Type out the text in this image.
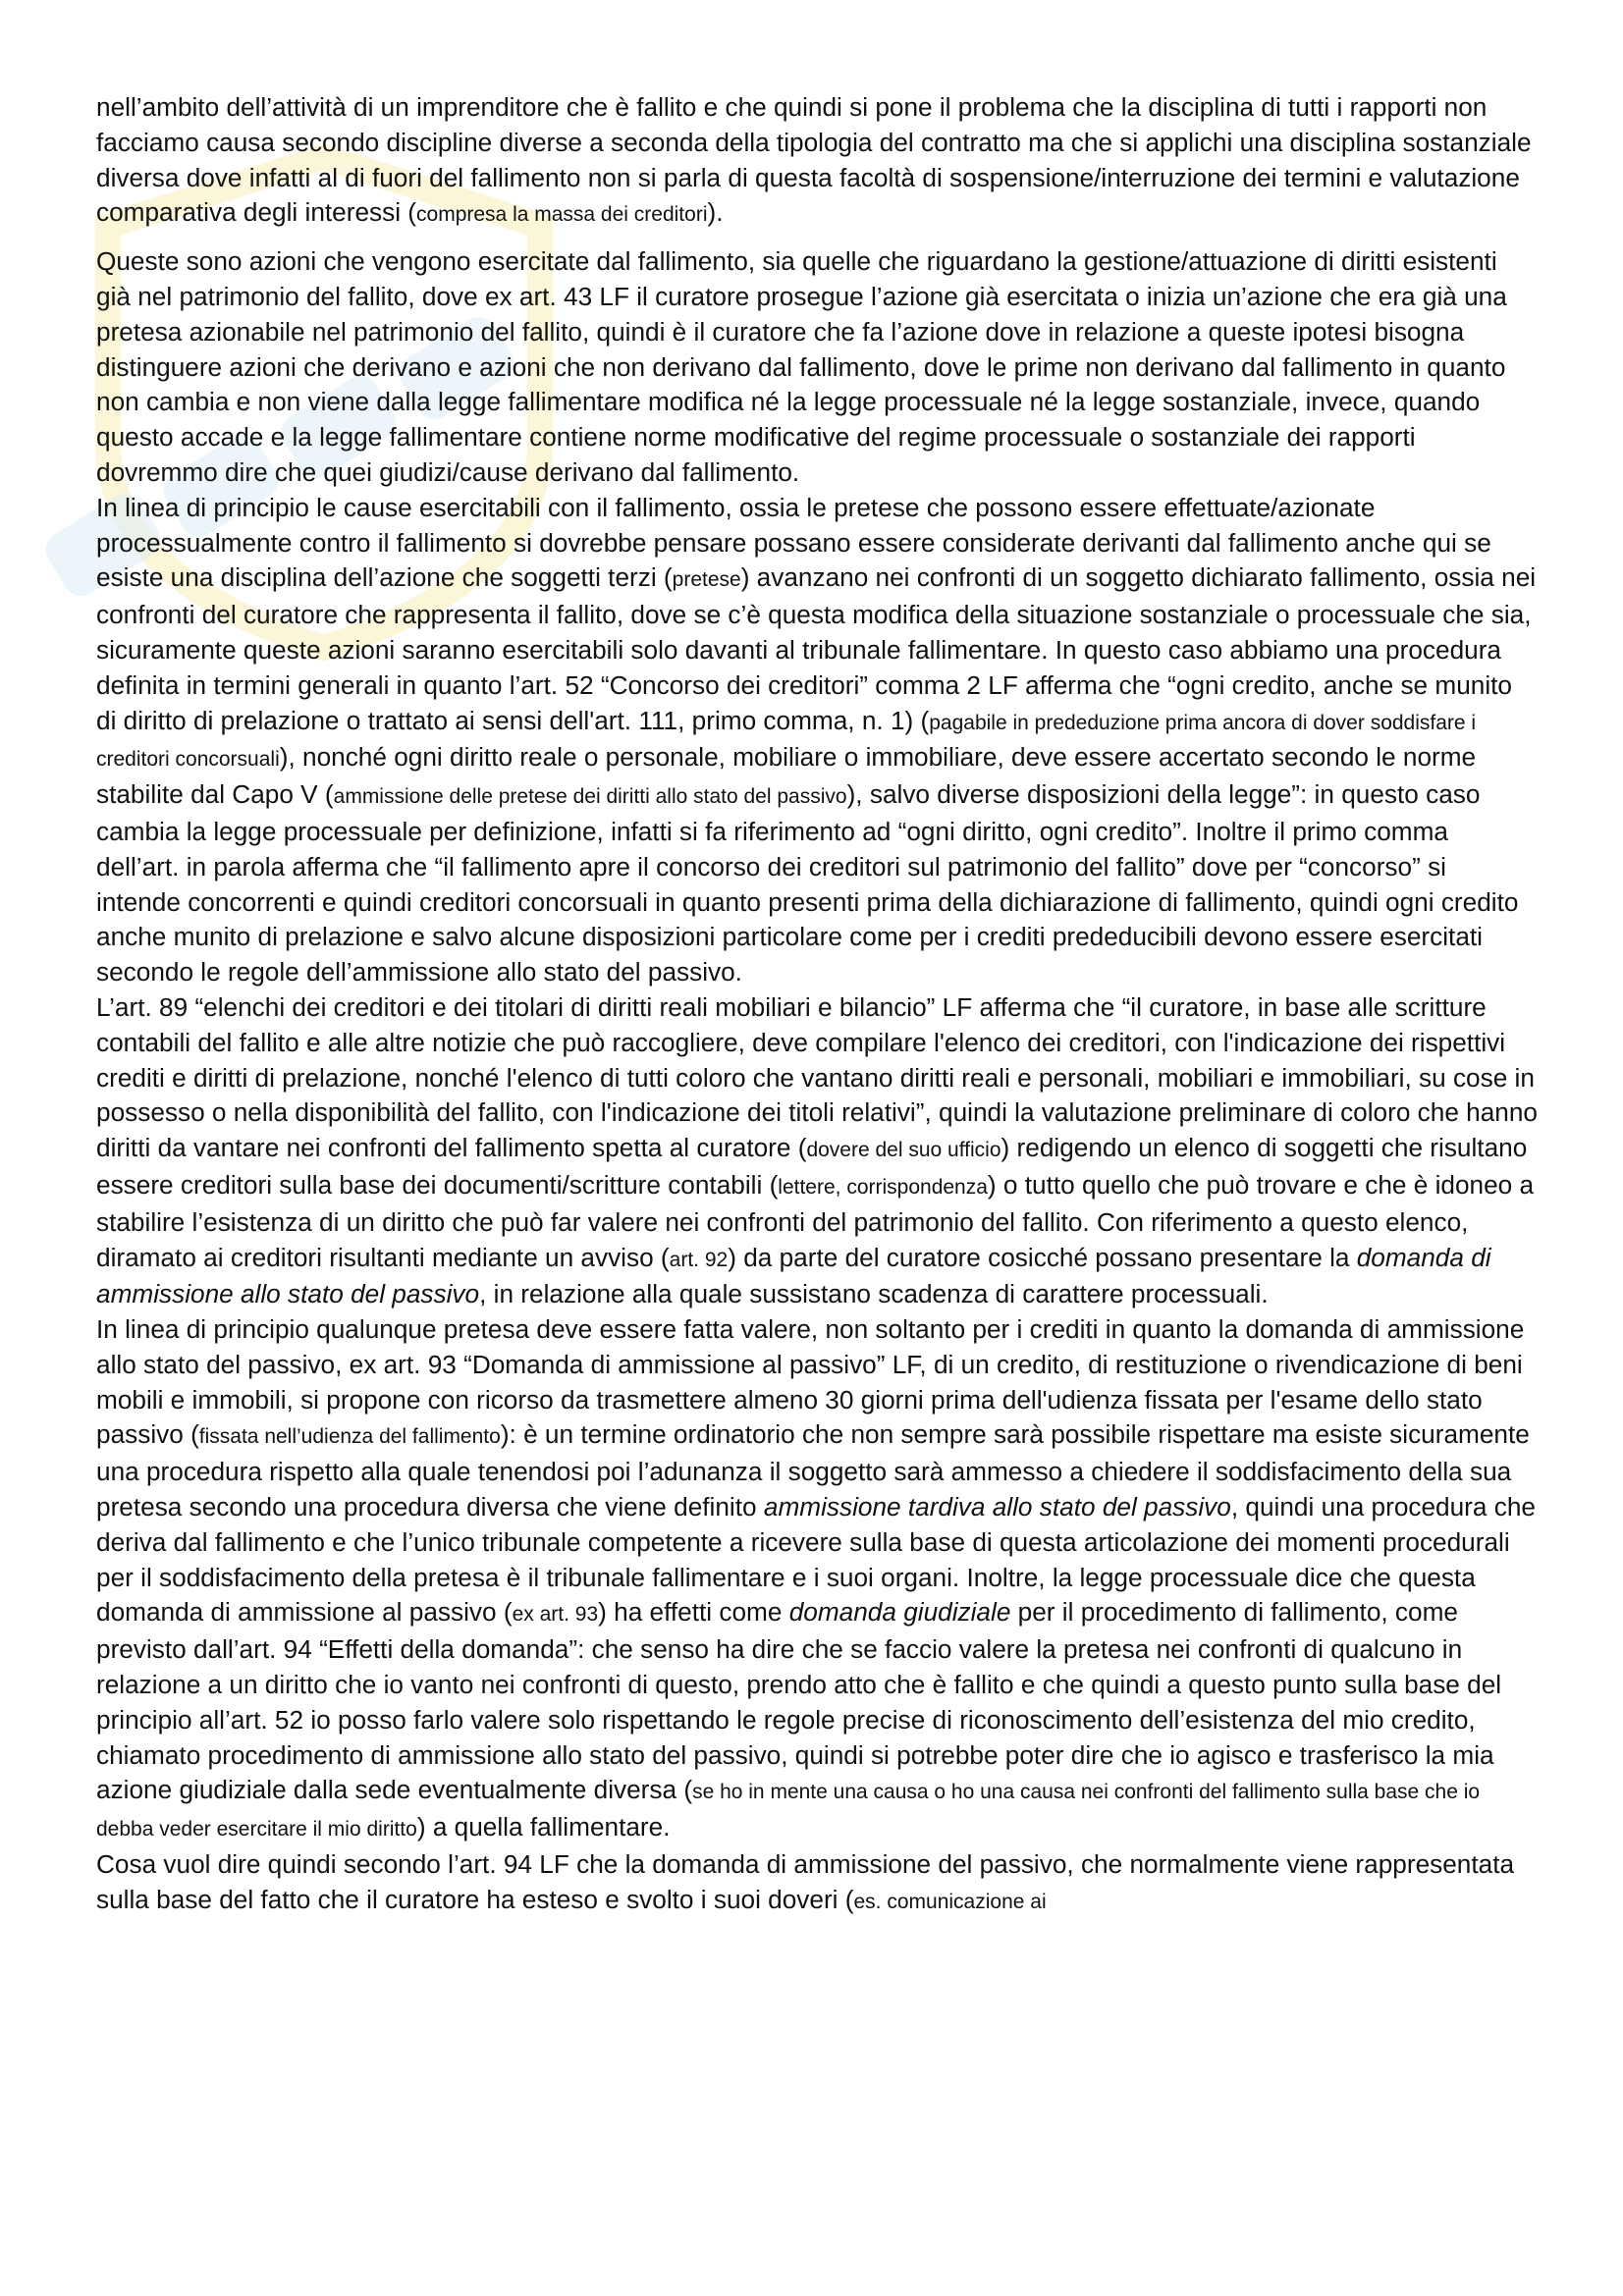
nell’ambito dell’attività di un imprenditore che è fallito e che quindi si pone il problema che la disciplina di tutti i rapporti non facciamo causa secondo discipline diverse a seconda della tipologia del contratto ma che si applichi una disciplina sostanziale diversa dove infatti al di fuori del fallimento non si parla di questa facoltà di sospensione/interruzione dei termini e valutazione comparativa degli interessi (compresa la massa dei creditori).

Queste sono azioni che vengono esercitate dal fallimento, sia quelle che riguardano la gestione/attuazione di diritti esistenti già nel patrimonio del fallito, dove ex art. 43 LF il curatore prosegue l’azione già esercitata o inizia un’azione che era già una pretesa azionabile nel patrimonio del fallito, quindi è il curatore che fa l’azione dove in relazione a queste ipotesi bisogna distinguere azioni che derivano e azioni che non derivano dal fallimento, dove le prime non derivano dal fallimento in quanto non cambia e non viene dalla legge fallimentare modifica né la legge processuale né la legge sostanziale, invece, quando questo accade e la legge fallimentare contiene norme modificative del regime processuale o sostanziale dei rapporti dovremmo dire che quei giudizi/cause derivano dal fallimento.

In linea di principio le cause esercitabili con il fallimento, ossia le pretese che possono essere effettuate/azionate processualmente contro il fallimento si dovrebbe pensare possano essere considerate derivanti dal fallimento anche qui se esiste una disciplina dell’azione che soggetti terzi (pretese) avanzano nei confronti di un soggetto dichiarato fallimento, ossia nei confronti del curatore che rappresenta il fallito, dove se c’è questa modifica della situazione sostanziale o processuale che sia, sicuramente queste azioni saranno esercitabili solo davanti al tribunale fallimentare. In questo caso abbiamo una procedura definita in termini generali in quanto l’art. 52 “Concorso dei creditori” comma 2 LF afferma che “ogni credito, anche se munito di diritto di prelazione o trattato ai sensi dell'art. 111, primo comma, n. 1) (pagabile in prededuzione prima ancora di dover soddisfare i creditori concorsuali), nonché ogni diritto reale o personale, mobiliare o immobiliare, deve essere accertato secondo le norme stabilite dal Capo V (ammissione delle pretese dei diritti allo stato del passivo), salvo diverse disposizioni della legge”: in questo caso cambia la legge processuale per definizione, infatti si fa riferimento ad “ogni diritto, ogni credito”. Inoltre il primo comma dell’art. in parola afferma che “il fallimento apre il concorso dei creditori sul patrimonio del fallito” dove per “concorso” si intende concorrenti e quindi creditori concorsuali in quanto presenti prima della dichiarazione di fallimento, quindi ogni credito anche munito di prelazione e salvo alcune disposizioni particolare come per i crediti prededucibili devono essere esercitati secondo le regole dell’ammissione allo stato del passivo.

L’art. 89 “elenchi dei creditori e dei titolari di diritti reali mobiliari e bilancio” LF afferma che “il curatore, in base alle scritture contabili del fallito e alle altre notizie che può raccogliere, deve compilare l'elenco dei creditori, con l'indicazione dei rispettivi crediti e diritti di prelazione, nonché l'elenco di tutti coloro che vantano diritti reali e personali, mobiliari e immobiliari, su cose in possesso o nella disponibilità del fallito, con l'indicazione dei titoli relativi”, quindi la valutazione preliminare di coloro che hanno diritti da vantare nei confronti del fallimento spetta al curatore (dovere del suo ufficio) redigendo un elenco di soggetti che risultano essere creditori sulla base dei documenti/scritture contabili (lettere, corrispondenza) o tutto quello che può trovare e che è idoneo a stabilire l’esistenza di un diritto che può far valere nei confronti del patrimonio del fallito. Con riferimento a questo elenco, diramato ai creditori risultanti mediante un avviso (art. 92) da parte del curatore cosicché possano presentare la domanda di ammissione allo stato del passivo, in relazione alla quale sussistano scadenza di carattere processuali.

In linea di principio qualunque pretesa deve essere fatta valere, non soltanto per i crediti in quanto la domanda di ammissione allo stato del passivo, ex art. 93 “Domanda di ammissione al passivo” LF, di un credito, di restituzione o rivendicazione di beni mobili e immobili, si propone con ricorso da trasmettere almeno 30 giorni prima dell'udienza fissata per l'esame dello stato passivo (fissata nell’udienza del fallimento): è un termine ordinatorio che non sempre sarà possibile rispettare ma esiste sicuramente una procedura rispetto alla quale tenendosi poi l’adunanza il soggetto sarà ammesso a chiedere il soddisfacimento della sua pretesa secondo una procedura diversa che viene definito ammissione tardiva allo stato del passivo, quindi una procedura che deriva dal fallimento e che l’unico tribunale competente a ricevere sulla base di questa articolazione dei momenti procedurali per il soddisfacimento della pretesa è il tribunale fallimentare e i suoi organi. Inoltre, la legge processuale dice che questa domanda di ammissione al passivo (ex art. 93) ha effetti come domanda giudiziale per il procedimento di fallimento, come previsto dall’art. 94 “Effetti della domanda”: che senso ha dire che se faccio valere la pretesa nei confronti di qualcuno in relazione a un diritto che io vanto nei confronti di questo, prendo atto che è fallito e che quindi a questo punto sulla base del principio all’art. 52 io posso farlo valere solo rispettando le regole precise di riconoscimento dell’esistenza del mio credito, chiamato procedimento di ammissione allo stato del passivo, quindi si potrebbe poter dire che io agisco e trasferisco la mia azione giudiziale dalla sede eventualmente diversa (se ho in mente una causa o ho una causa nei confronti del fallimento sulla base che io debba veder esercitare il mio diritto) a quella fallimentare.

Cosa vuol dire quindi secondo l’art. 94 LF che la domanda di ammissione del passivo, che normalmente viene rappresentata sulla base del fatto che il curatore ha esteso e svolto i suoi doveri (es. comunicazione ai
